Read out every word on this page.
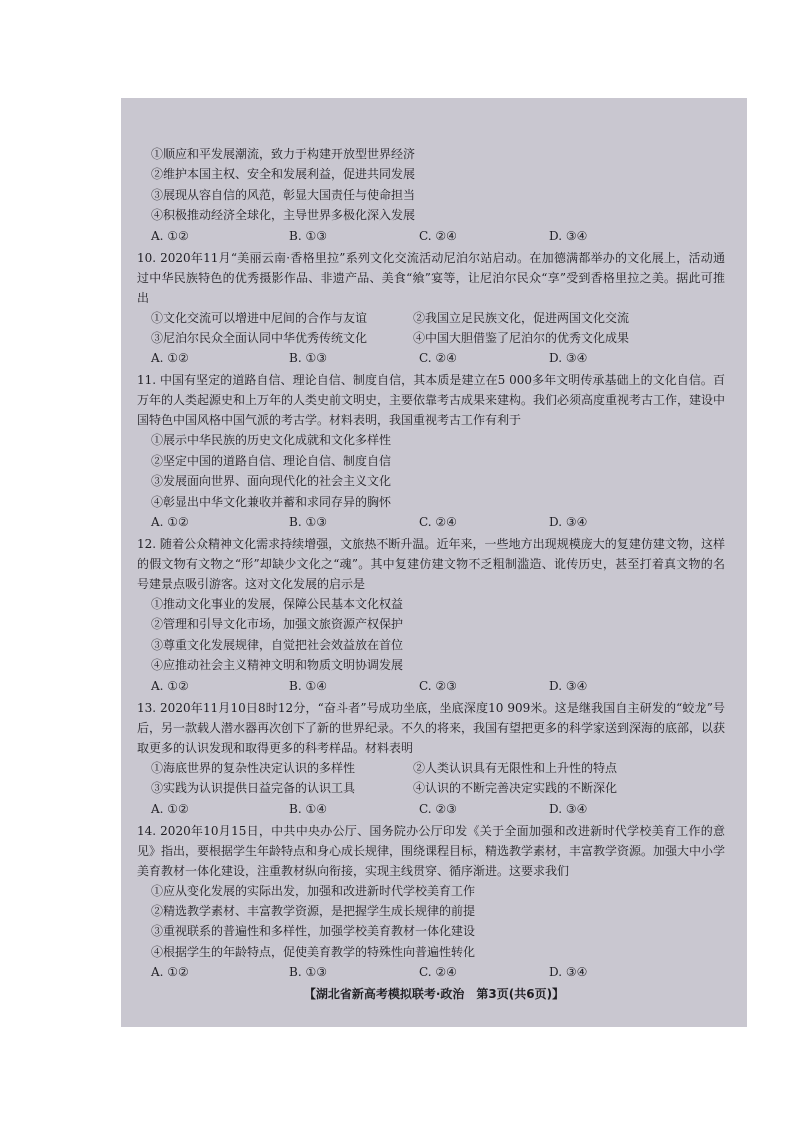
①顺应和平发展潮流，致力于构建开放型世界经济

②维护本国主权、安全和发展利益，促进共同发展

③展现从容自信的风范，彰显大国责任与使命担当

④积极推动经济全球化，主导世界多极化深入发展

A. ①②	B. ①③	C. ②④	D. ③④

10. 2020年11月“美丽云南·香格里拉”系列文化交流活动尼泊尔站启动。在加德满都举办的文化展上，活动通过中华民族特色的优秀摄影作品、非遗产品、美食“飨”宴等，让尼泊尔民众“享”受到香格里拉之美。据此可推出

①文化交流可以增进中尼间的合作与友谊	②我国立足民族文化，促进两国文化交流
③尼泊尔民众全面认同中华优秀传统文化	④中国大胆借鉴了尼泊尔的优秀文化成果
A. ①②	B. ①③	C. ②④	D. ③④

11. 中国有坚定的道路自信、理论自信、制度自信，其本质是建立在5 000多年文明传承基础上的文化自信。百万年的人类起源史和上万年的人类史前文明史，主要依靠考古成果来建构。我们必须高度重视考古工作，建设中国特色中国风格中国气派的考古学。材料表明，我国重视考古工作有利于

①展示中华民族的历史文化成就和文化多样性

②坚定中国的道路自信、理论自信、制度自信

③发展面向世界、面向现代化的社会主义文化

④彰显出中华文化兼收并蓄和求同存异的胸怀

A. ①②	B. ①③	C. ②④	D. ③④

12. 随着公众精神文化需求持续增强，文旅热不断升温。近年来，一些地方出现规模庞大的复建仿建文物，这样的假文物有文物之“形”却缺少文化之“魂”。其中复建仿建文物不乏粗制滥造、讹传历史，甚至打着真文物的名号建景点吸引游客。这对文化发展的启示是

①推动文化事业的发展，保障公民基本文化权益

②管理和引导文化市场，加强文旅资源产权保护

③尊重文化发展规律，自觉把社会效益放在首位

④应推动社会主义精神文明和物质文明协调发展

A. ①②	B. ①④	C. ②③	D. ③④

13. 2020年11月10日8时12分，“奋斗者”号成功坐底，坐底深度10 909米。这是继我国自主研发的“蛟龙”号后，另一款载人潜水器再次创下了新的世界纪录。不久的将来，我国有望把更多的科学家送到深海的底部，以获取更多的认识发现和取得更多的科考样品。材料表明

①海底世界的复杂性决定认识的多样性	②人类认识具有无限性和上升性的特点
③实践为认识提供日益完备的认识工具	④认识的不断完善决定实践的不断深化
A. ①②	B. ①④	C. ②③	D. ③④

14. 2020年10月15日，中共中央办公厅、国务院办公厅印发《关于全面加强和改进新时代学校美育工作的意见》指出，要根据学生年龄特点和身心成长规律，围绕课程目标，精选教学素材，丰富教学资源。加强大中小学美育教材一体化建设，注重教材纵向衔接，实现主线贯穿、循序渐进。这要求我们

①应从变化发展的实际出发，加强和改进新时代学校美育工作

②精选教学素材、丰富教学资源，是把握学生成长规律的前提

③重视联系的普遍性和多样性，加强学校美育教材一体化建设

④根据学生的年龄特点，促使美育教学的特殊性向普遍性转化

A. ①②	B. ①③	C. ②④	D. ③④
【湖北省新高考模拟联考·政治　第3页(共6页)】
